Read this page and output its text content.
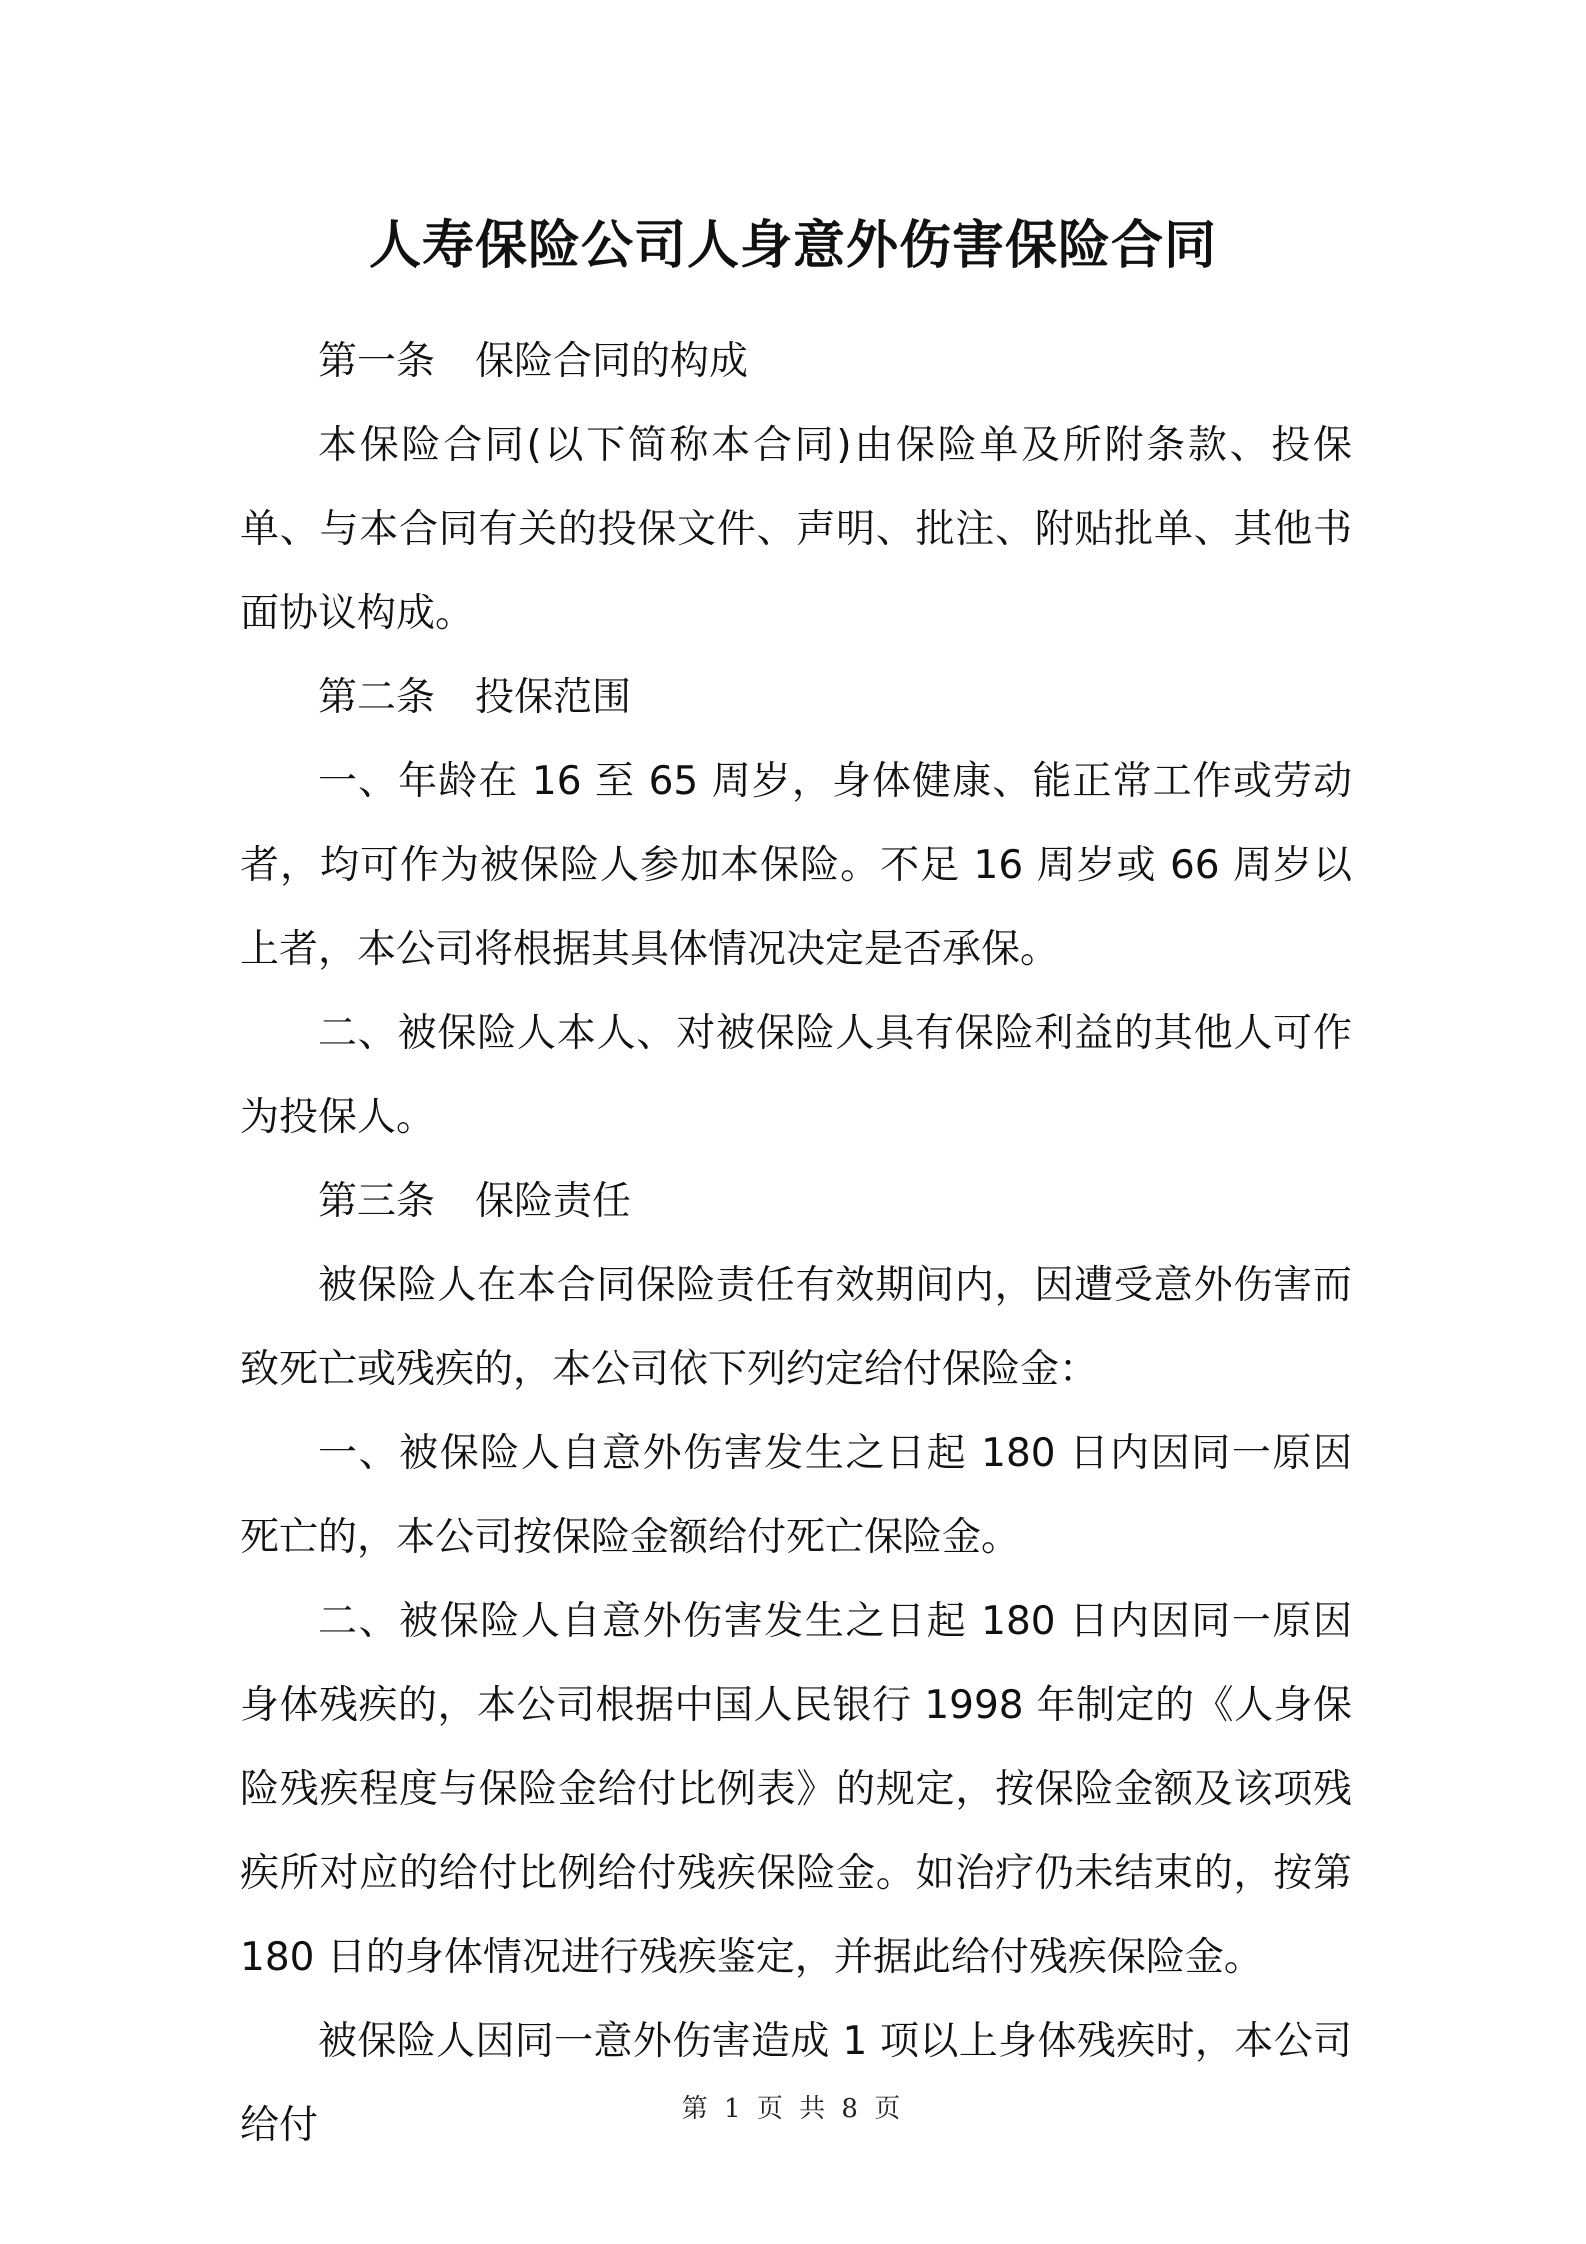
人寿保险公司人身意外伤害保险合同

第一条 保险合同的构成

本保险合同(以下简称本合同)由保险单及所附条款、投保单、与本合同有关的投保文件、声明、批注、附贴批单、其他书面协议构成。

第二条 投保范围

一、年龄在 16 至 65 周岁，身体健康、能正常工作或劳动者，均可作为被保险人参加本保险。不足 16 周岁或 66 周岁以上者，本公司将根据其具体情况决定是否承保。

二、被保险人本人、对被保险人具有保险利益的其他人可作为投保人。

第三条 保险责任

被保险人在本合同保险责任有效期间内，因遭受意外伤害而致死亡或残疾的，本公司依下列约定给付保险金：

一、被保险人自意外伤害发生之日起 180 日内因同一原因死亡的，本公司按保险金额给付死亡保险金。

二、被保险人自意外伤害发生之日起 180 日内因同一原因身体残疾的，本公司根据中国人民银行 1998 年制定的《人身保险残疾程度与保险金给付比例表》的规定，按保险金额及该项残疾所对应的给付比例给付残疾保险金。如治疗仍未结束的，按第 180 日的身体情况进行残疾鉴定，并据此给付残疾保险金。

被保险人因同一意外伤害造成 1 项以上身体残疾时，本公司给付	第 1 页 共 8 页
